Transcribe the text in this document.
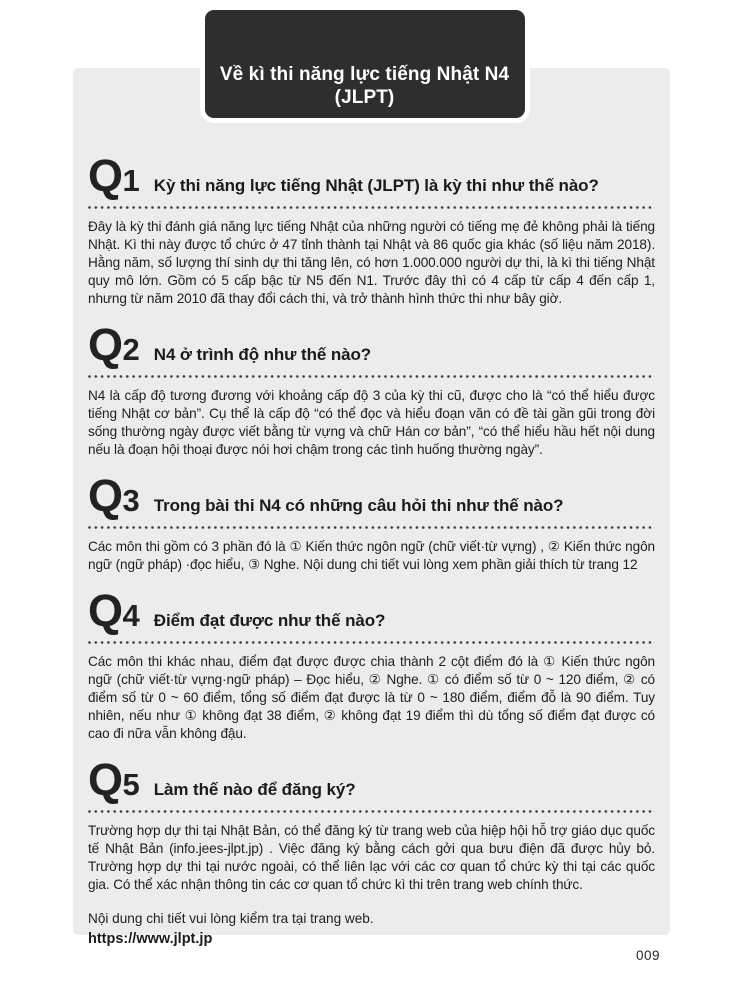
Về kì thi năng lực tiếng Nhật N4
(JLPT)
Q 1 Kỳ thi năng lực tiếng Nhật (JLPT) là kỳ thi như thế nào?

Đây là kỳ thi đánh giá năng lực tiếng Nhật của những người có tiếng mẹ đẻ không phải là tiếng Nhật. Kì thi này được tổ chức ở 47 tỉnh thành tại Nhật và 86 quốc gia khác (số liệu năm 2018). Hằng năm, số lượng thí sinh dự thi tăng lên, có hơn 1.000.000 người dự thi, là kì thi tiếng Nhật quy mô lớn. Gồm có 5 cấp bậc từ N5 đến N1. Trước đây thì có 4 cấp từ cấp 4 đến cấp 1, nhưng từ năm 2010 đã thay đổi cách thi, và trở thành hình thức thi như bây giờ.

Q 2 N4 ở trình độ như thế nào?

N4 là cấp độ tương đương với khoảng cấp độ 3 của kỳ thi cũ, được cho là “có thể hiểu được tiếng Nhật cơ bản”. Cụ thể là cấp độ “có thể đọc và hiểu đoạn văn có đề tài gần gũi trong đời sống thường ngày được viết bằng từ vựng và chữ Hán cơ bản”, “có thể hiểu hầu hết nội dung nếu là đoạn hội thoại được nói hơi chậm trong các tình huống thường ngày”.

Q 3 Trong bài thi N4 có những câu hỏi thi như thế nào?

Các môn thi gồm có 3 phần đó là ① Kiến thức ngôn ngữ (chữ viết·từ vựng) , ② Kiến thức ngôn ngữ (ngữ pháp) ·đọc hiểu, ③ Nghe. Nội dung chi tiết vui lòng xem phần giải thích từ trang 12

Q 4 Điểm đạt được như thế nào?

Các môn thi khác nhau, điểm đạt được được chia thành 2 cột điểm đó là ① Kiến thức ngôn ngữ (chữ viết·từ vựng·ngữ pháp) – Đọc hiểu, ② Nghe. ① có điểm số từ 0 ~ 120 điểm, ② có điểm số từ 0 ~ 60 điểm, tổng số điểm đạt được là từ 0 ~ 180 điểm, điểm đỗ là 90 điểm. Tuy nhiên, nếu như ① không đạt 38 điểm, ② không đạt 19 điểm thì dù tổng số điểm đạt được có cao đi nữa vẫn không đậu.

Q 5 Làm thế nào để đăng ký?

Trường hợp dự thi tại Nhật Bản, có thể đăng ký từ trang web của hiệp hội hỗ trợ giáo dục quốc tế Nhật Bản (info.jees-jlpt.jp) . Việc đăng ký bằng cách gởi qua bưu điện đã được hủy bỏ. Trường hợp dự thi tại nước ngoài, có thể liên lạc với các cơ quan tổ chức kỳ thi tại các quốc gia. Có thể xác nhận thông tin các cơ quan tổ chức kì thi trên trang web chính thức.

Nội dung chi tiết vui lòng kiểm tra tại trang web.
https://www.jlpt.jp
009
